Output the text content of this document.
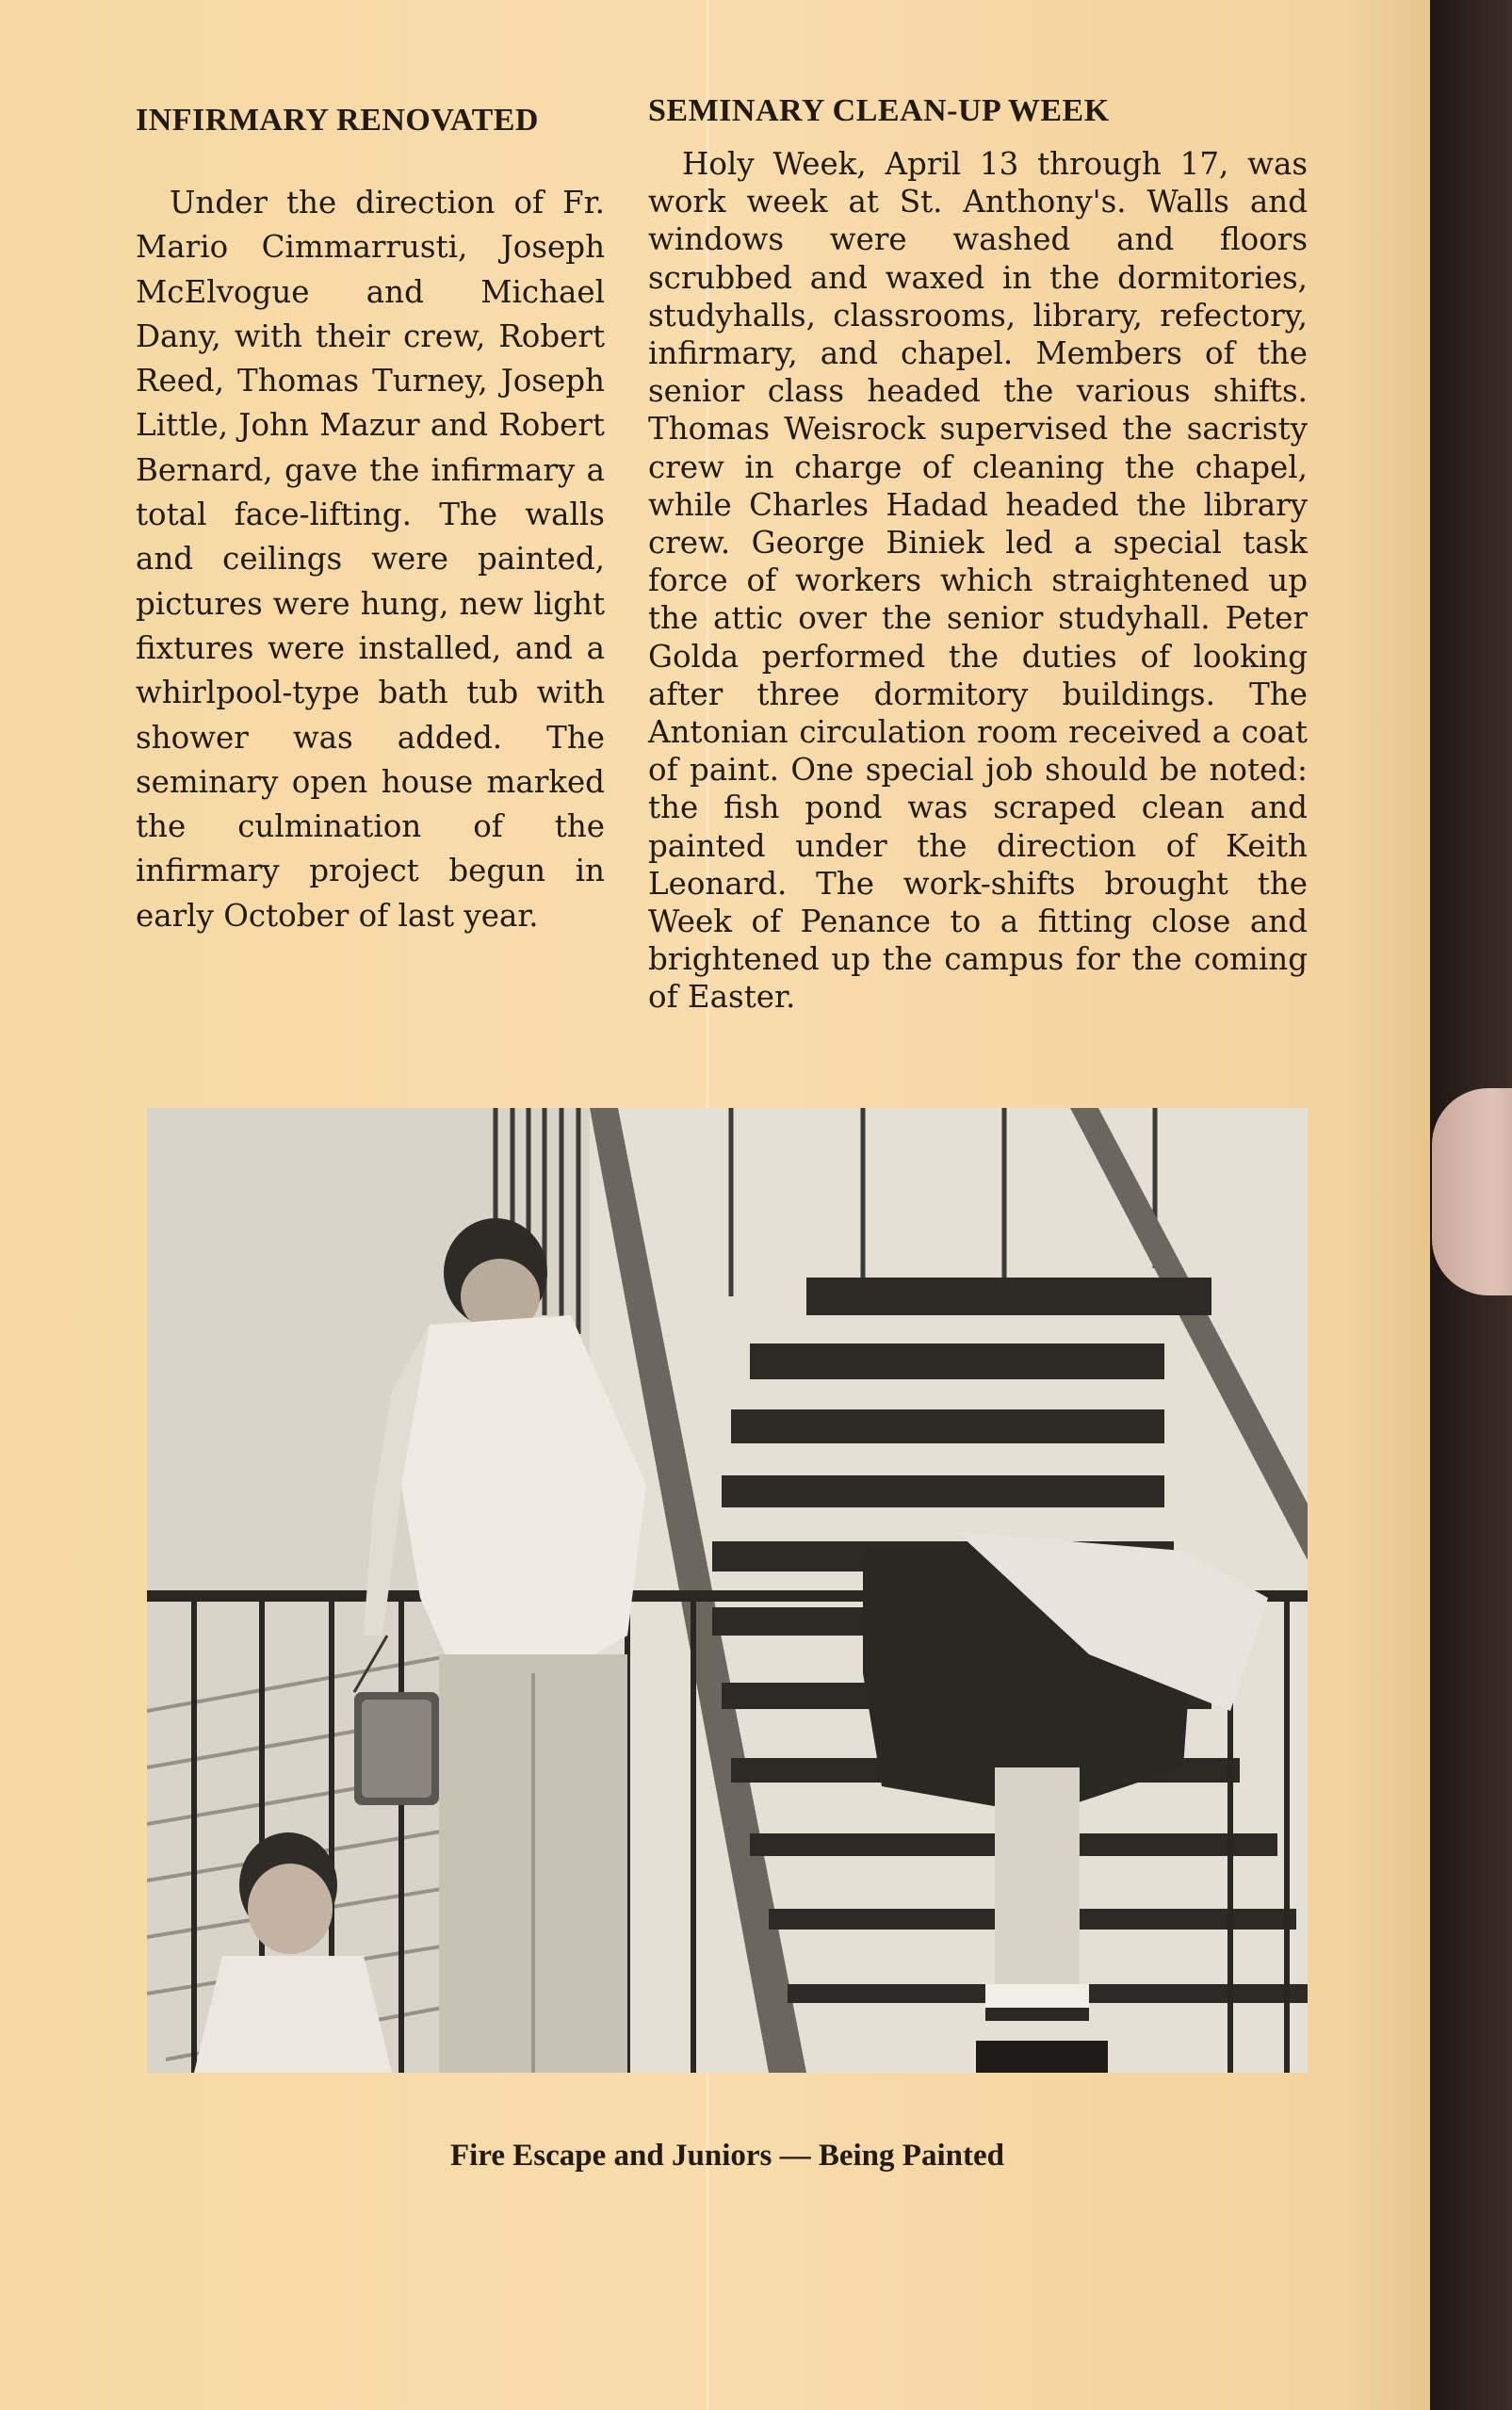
INFIRMARY RENOVATED

Under the direction of Fr. Mario Cimmarrusti, Joseph McElvogue and Michael Dany, with their crew, Robert Reed, Thomas Turney, Joseph Little, John Mazur and Robert Bernard, gave the infirmary a total face-lifting. The walls and ceilings were painted, pictures were hung, new light fixtures were installed, and a whirlpool-type bath tub with shower was added. The seminary open house marked the culmination of the infirmary project begun in early October of last year.

SEMINARY CLEAN-UP WEEK

Holy Week, April 13 through 17, was work week at St. Anthony's. Walls and windows were washed and floors scrubbed and waxed in the dormitories, studyhalls, classrooms, library, refectory, infirmary, and chapel. Members of the senior class headed the various shifts. Thomas Weisrock supervised the sacristy crew in charge of cleaning the chapel, while Charles Hadad headed the library crew. George Biniek led a special task force of workers which straightened up the attic over the senior studyhall. Peter Golda performed the duties of looking after three dormitory buildings. The Antonian circulation room received a coat of paint. One special job should be noted: the fish pond was scraped clean and painted under the direction of Keith Leonard. The work-shifts brought the Week of Penance to a fitting close and brightened up the campus for the coming of Easter.

Fire Escape and Juniors — Being Painted
